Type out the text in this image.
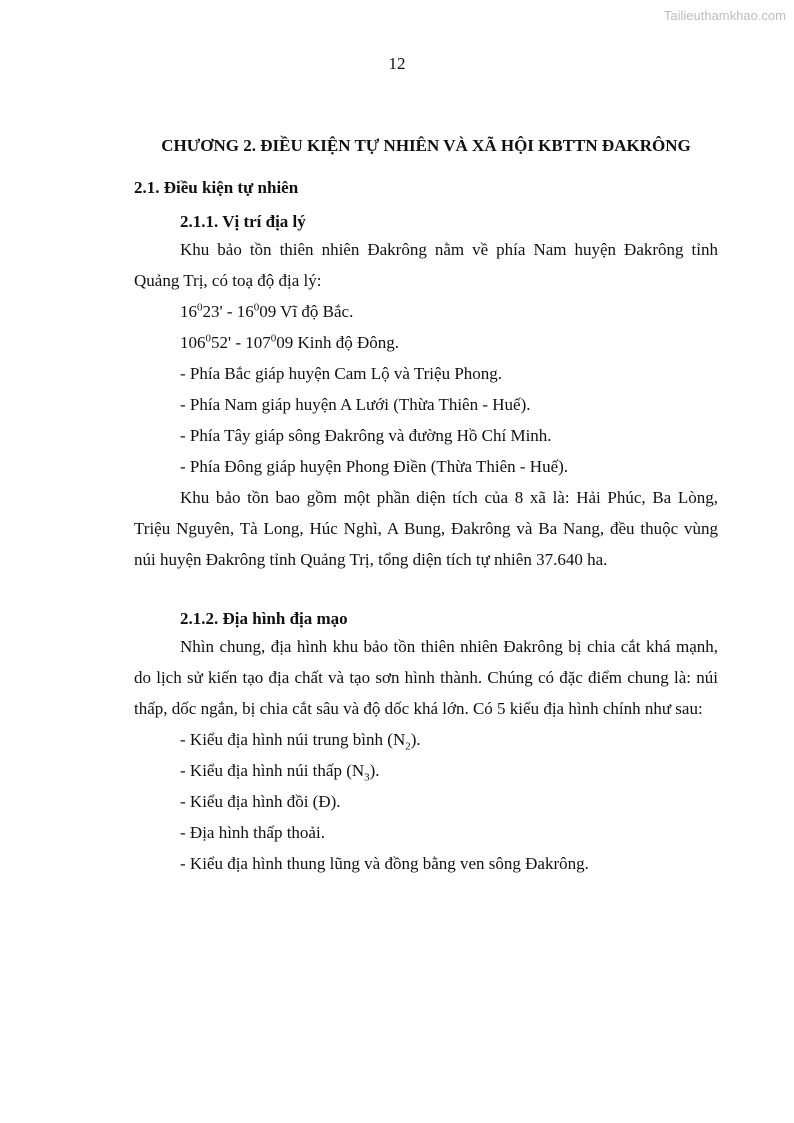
Tailieuthamkhao.com
12
CHƯƠNG 2. ĐIỀU KIỆN TỰ NHIÊN VÀ XÃ HỘI KBTTN ĐAKRÔNG
2.1. Điều kiện tự nhiên
2.1.1. Vị trí địa lý

Khu bảo tồn thiên nhiên Đakrông nằm về phía Nam huyện Đakrông tỉnh Quảng Trị, có toạ độ địa lý:

$16^023' - 16^009$ Vĩ độ Bắc.

$106^052' - 107^009$ Kinh độ Đông.

- Phía Bắc giáp huyện Cam Lộ và Triệu Phong.

- Phía Nam giáp huyện A Lưới (Thừa Thiên - Huế).

- Phía Tây giáp sông Đakrông và đường Hồ Chí Minh.

- Phía Đông giáp huyện Phong Điền (Thừa Thiên - Huế).

Khu bảo tồn bao gồm một phần diện tích của 8 xã là: Hải Phúc, Ba Lòng, Triệu Nguyên, Tà Long, Húc Nghì, A Bung, Đakrông và Ba Nang, đều thuộc vùng núi huyện Đakrông tỉnh Quảng Trị, tổng diện tích tự nhiên 37.640 ha.

2.1.2. Địa hình địa mạo

Nhìn chung, địa hình khu bảo tồn thiên nhiên Đakrông bị chia cắt khá mạnh, do lịch sử kiến tạo địa chất và tạo sơn hình thành. Chúng có đặc điểm chung là: núi thấp, dốc ngắn, bị chia cắt sâu và độ dốc khá lớn. Có 5 kiểu địa hình chính như sau:

- Kiểu địa hình núi trung bình $(N_2)$.

- Kiểu địa hình núi thấp $(N_3)$.

- Kiểu địa hình đồi (Đ).

- Địa hình thấp thoải.

- Kiểu địa hình thung lũng và đồng bằng ven sông Đakrông.
